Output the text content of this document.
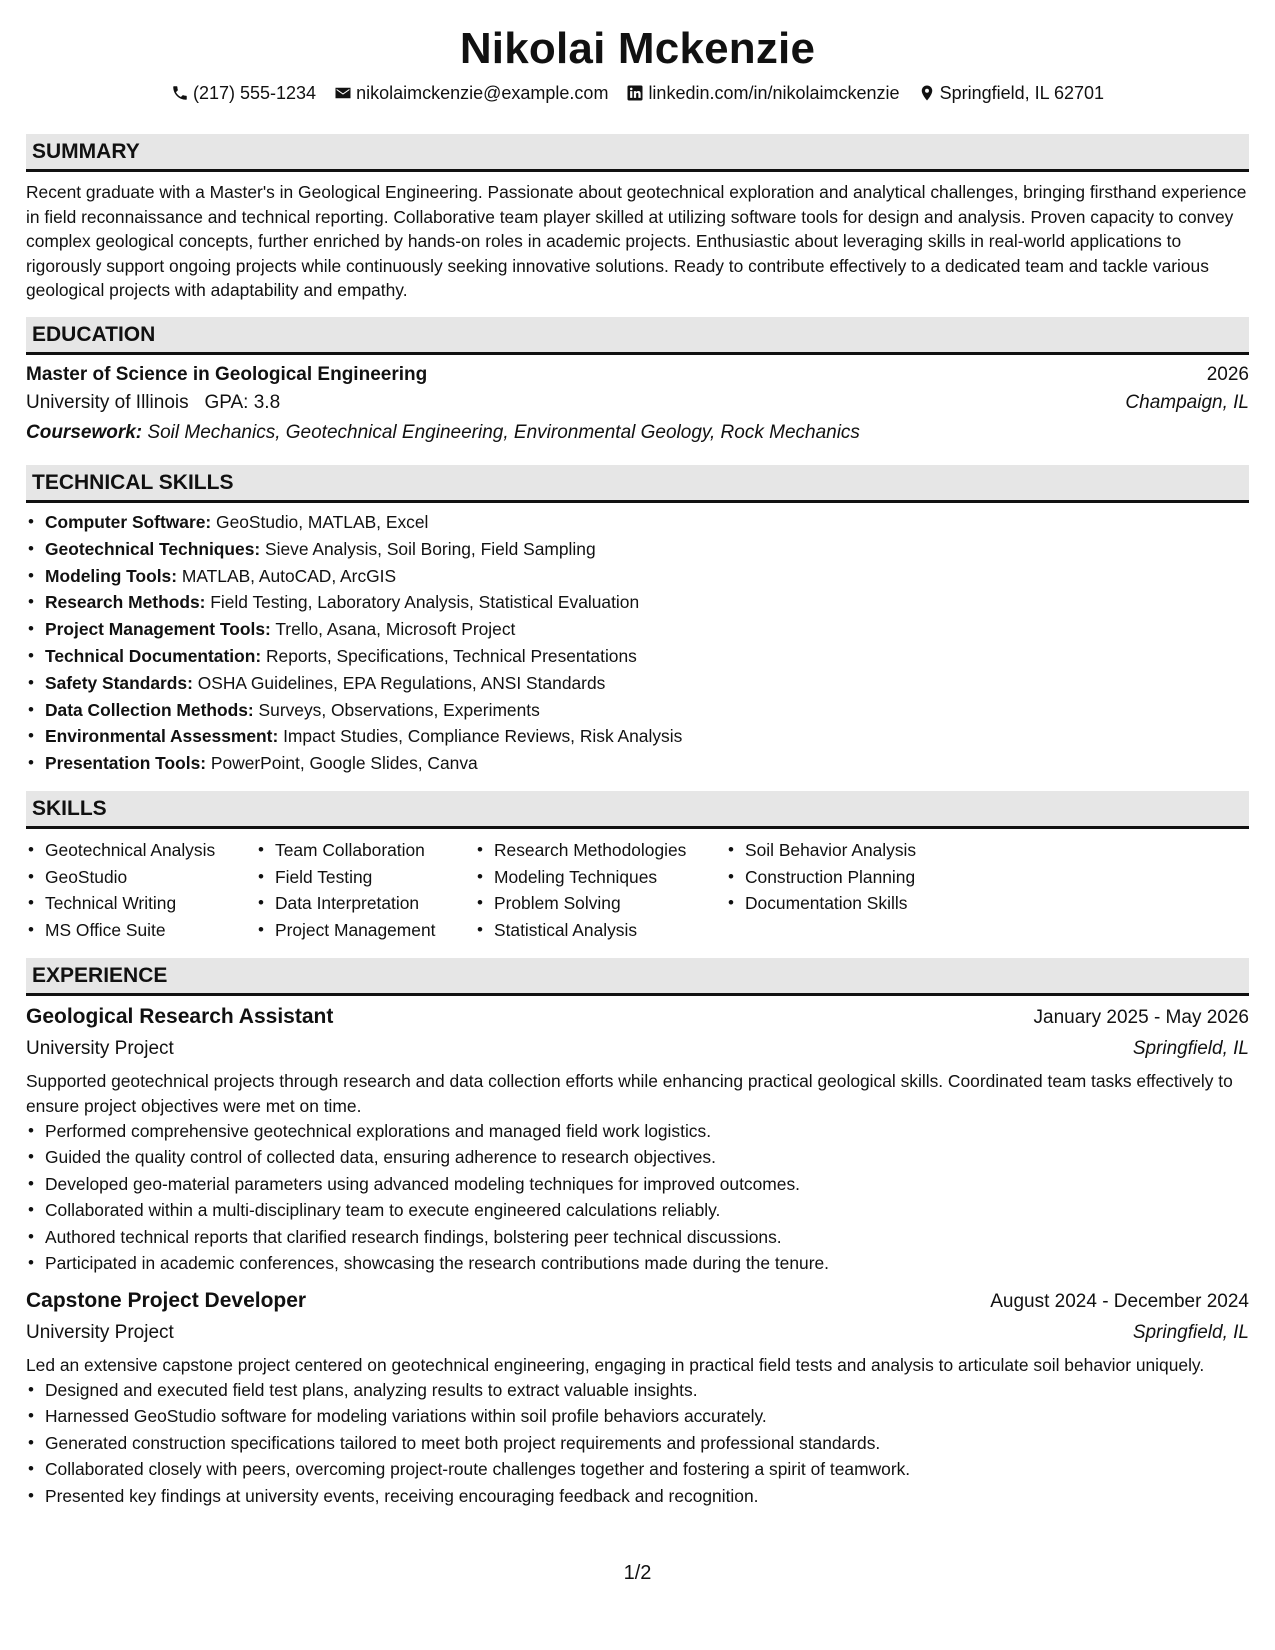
Nikolai Mckenzie
(217) 555-1234 nikolaimckenzie@example.com linkedin.com/in/nikolaimckenzie Springfield, IL 62701
SUMMARY

Recent graduate with a Master's in Geological Engineering. Passionate about geotechnical exploration and analytical challenges, bringing firsthand experience in field reconnaissance and technical reporting. Collaborative team player skilled at utilizing software tools for design and analysis. Proven capacity to convey complex geological concepts, further enriched by hands-on roles in academic projects. Enthusiastic about leveraging skills in real-world applications to rigorously support ongoing projects while continuously seeking innovative solutions. Ready to contribute effectively to a dedicated team and tackle various geological projects with adaptability and empathy.

EDUCATION
Master of Science in Geological Engineering	2026
University of Illinois GPA: 3.8	Champaign, IL
Coursework: Soil Mechanics, Geotechnical Engineering, Environmental Geology, Rock Mechanics
TECHNICAL SKILLS
• Computer Software: GeoStudio, MATLAB, Excel
• Geotechnical Techniques: Sieve Analysis, Soil Boring, Field Sampling
• Modeling Tools: MATLAB, AutoCAD, ArcGIS
• Research Methods: Field Testing, Laboratory Analysis, Statistical Evaluation
• Project Management Tools: Trello, Asana, Microsoft Project
• Technical Documentation: Reports, Specifications, Technical Presentations
• Safety Standards: OSHA Guidelines, EPA Regulations, ANSI Standards
• Data Collection Methods: Surveys, Observations, Experiments
• Environmental Assessment: Impact Studies, Compliance Reviews, Risk Analysis
• Presentation Tools: PowerPoint, Google Slides, Canva
SKILLS
• Geotechnical Analysis
• GeoStudio
• Technical Writing
• MS Office Suite
• Team Collaboration
• Field Testing
• Data Interpretation
• Project Management
• Research Methodologies
• Modeling Techniques
• Problem Solving
• Statistical Analysis
• Soil Behavior Analysis
• Construction Planning
• Documentation Skills
EXPERIENCE
Geological Research Assistant	January 2025 - May 2026
University Project	Springfield, IL

Supported geotechnical projects through research and data collection efforts while enhancing practical geological skills. Coordinated team tasks effectively to ensure project objectives were met on time.

• Performed comprehensive geotechnical explorations and managed field work logistics.
• Guided the quality control of collected data, ensuring adherence to research objectives.
• Developed geo-material parameters using advanced modeling techniques for improved outcomes.
• Collaborated within a multi-disciplinary team to execute engineered calculations reliably.
• Authored technical reports that clarified research findings, bolstering peer technical discussions.
• Participated in academic conferences, showcasing the research contributions made during the tenure.
Capstone Project Developer	August 2024 - December 2024
University Project	Springfield, IL

Led an extensive capstone project centered on geotechnical engineering, engaging in practical field tests and analysis to articulate soil behavior uniquely.

• Designed and executed field test plans, analyzing results to extract valuable insights.
• Harnessed GeoStudio software for modeling variations within soil profile behaviors accurately.
• Generated construction specifications tailored to meet both project requirements and professional standards.
• Collaborated closely with peers, overcoming project-route challenges together and fostering a spirit of teamwork.
• Presented key findings at university events, receiving encouraging feedback and recognition.
1/2
